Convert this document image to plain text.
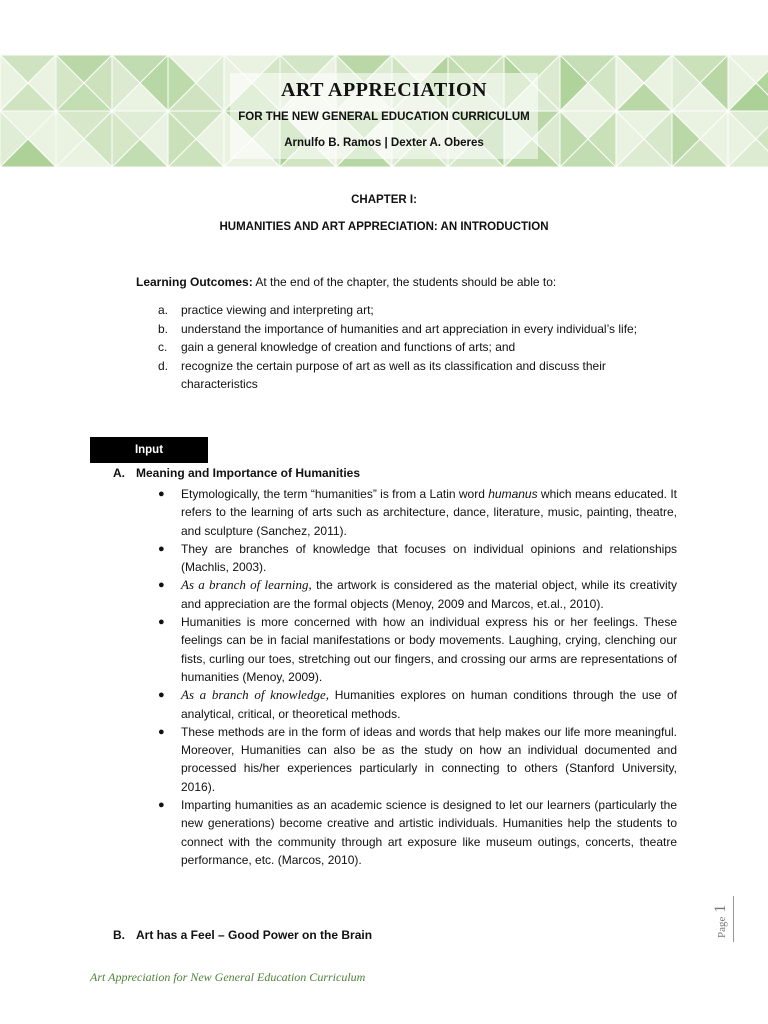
ART APPRECIATION
FOR THE NEW GENERAL EDUCATION CURRICULUM
Arnulfo B. Ramos | Dexter A. Oberes
CHAPTER I:
HUMANITIES AND ART APPRECIATION: AN INTRODUCTION
Learning Outcomes: At the end of the chapter, the students should be able to:
a. practice viewing and interpreting art;
b. understand the importance of humanities and art appreciation in every individual’s life;
c. gain a general knowledge of creation and functions of arts; and
d. recognize the certain purpose of art as well as its classification and discuss their characteristics
Input
A. Meaning and Importance of Humanities
● Etymologically, the term “humanities” is from a Latin word humanus which means educated. It refers to the learning of arts such as architecture, dance, literature, music, painting, theatre, and sculpture (Sanchez, 2011).
● They are branches of knowledge that focuses on individual opinions and relationships (Machlis, 2003).
● As a branch of learning, the artwork is considered as the material object, while its creativity and appreciation are the formal objects (Menoy, 2009 and Marcos, et.al., 2010).
● Humanities is more concerned with how an individual express his or her feelings. These feelings can be in facial manifestations or body movements. Laughing, crying, clenching our fists, curling our toes, stretching out our fingers, and crossing our arms are representations of humanities (Menoy, 2009).
● As a branch of knowledge, Humanities explores on human conditions through the use of analytical, critical, or theoretical methods.
● These methods are in the form of ideas and words that help makes our life more meaningful. Moreover, Humanities can also be as the study on how an individual documented and processed his/her experiences particularly in connecting to others (Stanford University, 2016).
● Imparting humanities as an academic science is designed to let our learners (particularly the new generations) become creative and artistic individuals. Humanities help the students to connect with the community through art exposure like museum outings, concerts, theatre performance, etc. (Marcos, 2010).
B. Art has a Feel – Good Power on the Brain	Page 1
Art Appreciation for New General Education Curriculum
